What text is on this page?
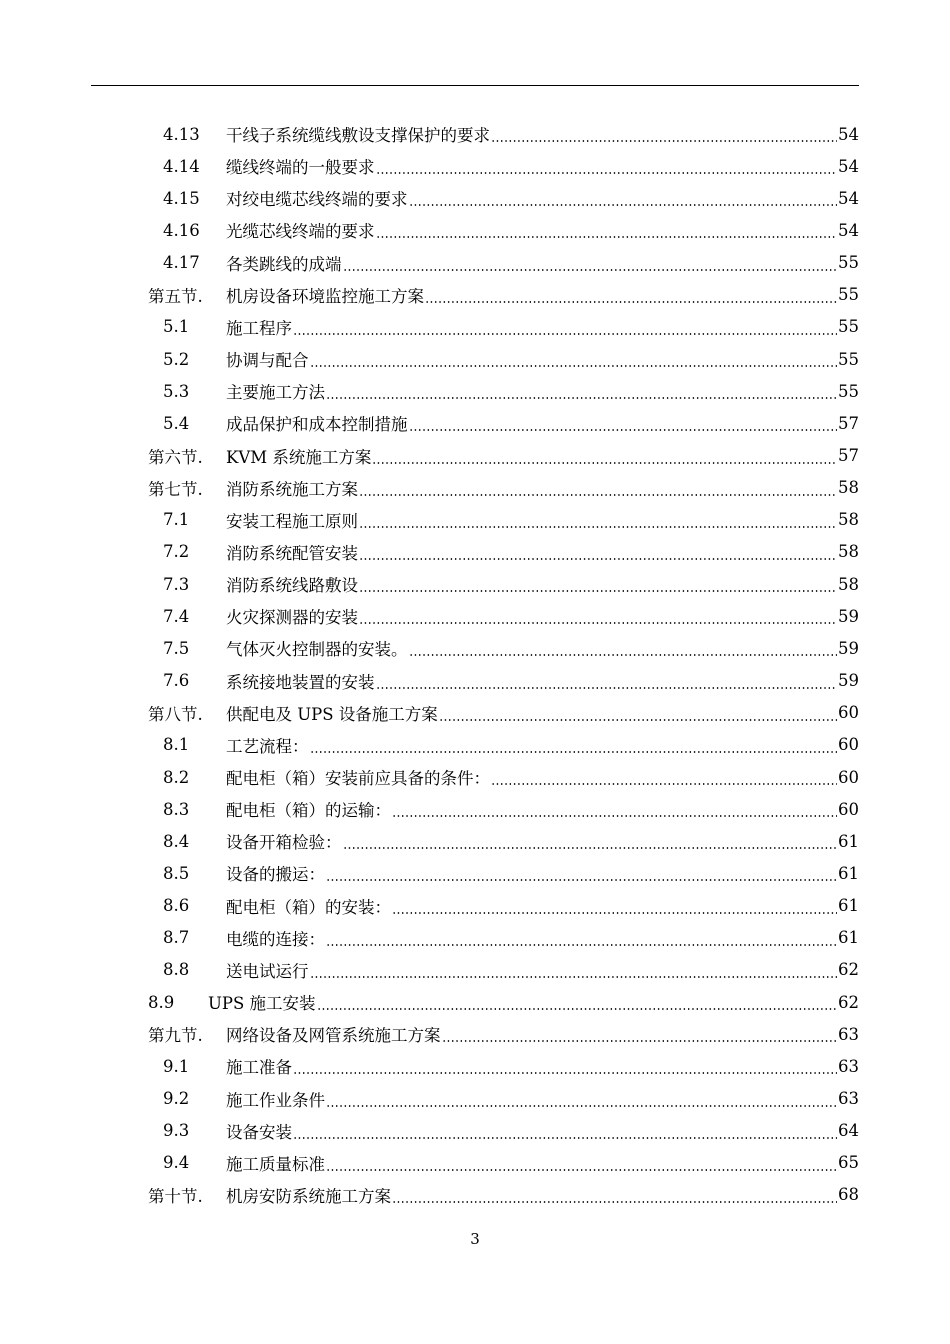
4.13	干线子系统缆线敷设支撑保护的要求	54
4.14	缆线终端的一般要求	54
4.15	对绞电缆芯线终端的要求	54
4.16	光缆芯线终端的要求	54
4.17	各类跳线的成端	55
第五节.	机房设备环境监控施工方案	55
5.1	施工程序	55
5.2	协调与配合	55
5.3	主要施工方法	55
5.4	成品保护和成本控制措施	57
第六节.	KVM 系统施工方案	57
第七节.	消防系统施工方案	58
7.1	安装工程施工原则	58
7.2	消防系统配管安装	58
7.3	消防系统线路敷设	58
7.4	火灾探测器的安装	59
7.5	气体灭火控制器的安装。	59
7.6	系统接地装置的安装	59
第八节.	供配电及 UPS 设备施工方案	60
8.1	工艺流程：	60
8.2	配电柜（箱）安装前应具备的条件：	60
8.3	配电柜（箱）的运输：	60
8.4	设备开箱检验：	61
8.5	设备的搬运：	61
8.6	配电柜（箱）的安装：	61
8.7	电缆的连接：	61
8.8	送电试运行	62
8.9	UPS 施工安装	62
第九节.	网络设备及网管系统施工方案	63
9.1	施工准备	63
9.2	施工作业条件	63
9.3	设备安装	64
9.4	施工质量标准	65
第十节.	机房安防系统施工方案	68
3
